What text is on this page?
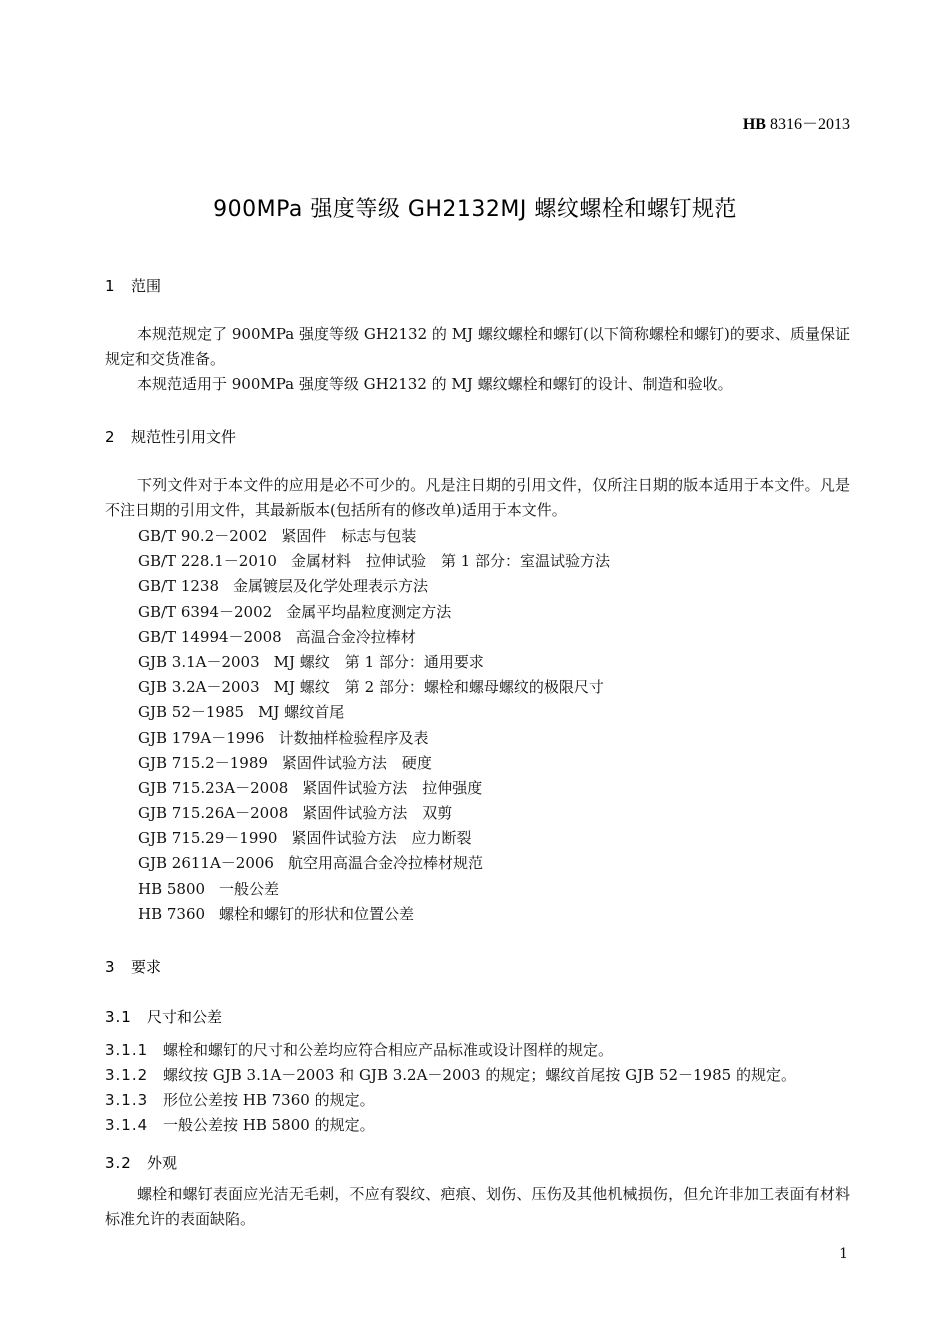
HB 8316－2013
900MPa 强度等级 GH2132MJ 螺纹螺栓和螺钉规范
1 范围
本规范规定了 900MPa 强度等级 GH2132 的 MJ 螺纹螺栓和螺钉(以下简称螺栓和螺钉)的要求、质量保证规定和交货准备。
本规范适用于 900MPa 强度等级 GH2132 的 MJ 螺纹螺栓和螺钉的设计、制造和验收。
2 规范性引用文件
下列文件对于本文件的应用是必不可少的。凡是注日期的引用文件，仅所注日期的版本适用于本文件。凡是不注日期的引用文件，其最新版本(包括所有的修改单)适用于本文件。
GB/T 90.2－2002 紧固件　标志与包装
GB/T 228.1－2010 金属材料　拉伸试验　第 1 部分：室温试验方法
GB/T 1238 金属镀层及化学处理表示方法
GB/T 6394－2002 金属平均晶粒度测定方法
GB/T 14994－2008 高温合金冷拉棒材
GJB 3.1A－2003 MJ 螺纹　第 1 部分：通用要求
GJB 3.2A－2003 MJ 螺纹　第 2 部分：螺栓和螺母螺纹的极限尺寸
GJB 52－1985 MJ 螺纹首尾
GJB 179A－1996 计数抽样检验程序及表
GJB 715.2－1989 紧固件试验方法　硬度
GJB 715.23A－2008 紧固件试验方法　拉伸强度
GJB 715.26A－2008 紧固件试验方法　双剪
GJB 715.29－1990 紧固件试验方法　应力断裂
GJB 2611A－2006 航空用高温合金冷拉棒材规范
HB 5800 一般公差
HB 7360 螺栓和螺钉的形状和位置公差
3 要求
3.1 尺寸和公差
3.1.1 螺栓和螺钉的尺寸和公差均应符合相应产品标准或设计图样的规定。
3.1.2 螺纹按 GJB 3.1A－2003 和 GJB 3.2A－2003 的规定；螺纹首尾按 GJB 52－1985 的规定。
3.1.3 形位公差按 HB 7360 的规定。
3.1.4 一般公差按 HB 5800 的规定。
3.2 外观
螺栓和螺钉表面应光洁无毛刺，不应有裂纹、疤痕、划伤、压伤及其他机械损伤，但允许非加工表面有材料标准允许的表面缺陷。
1
